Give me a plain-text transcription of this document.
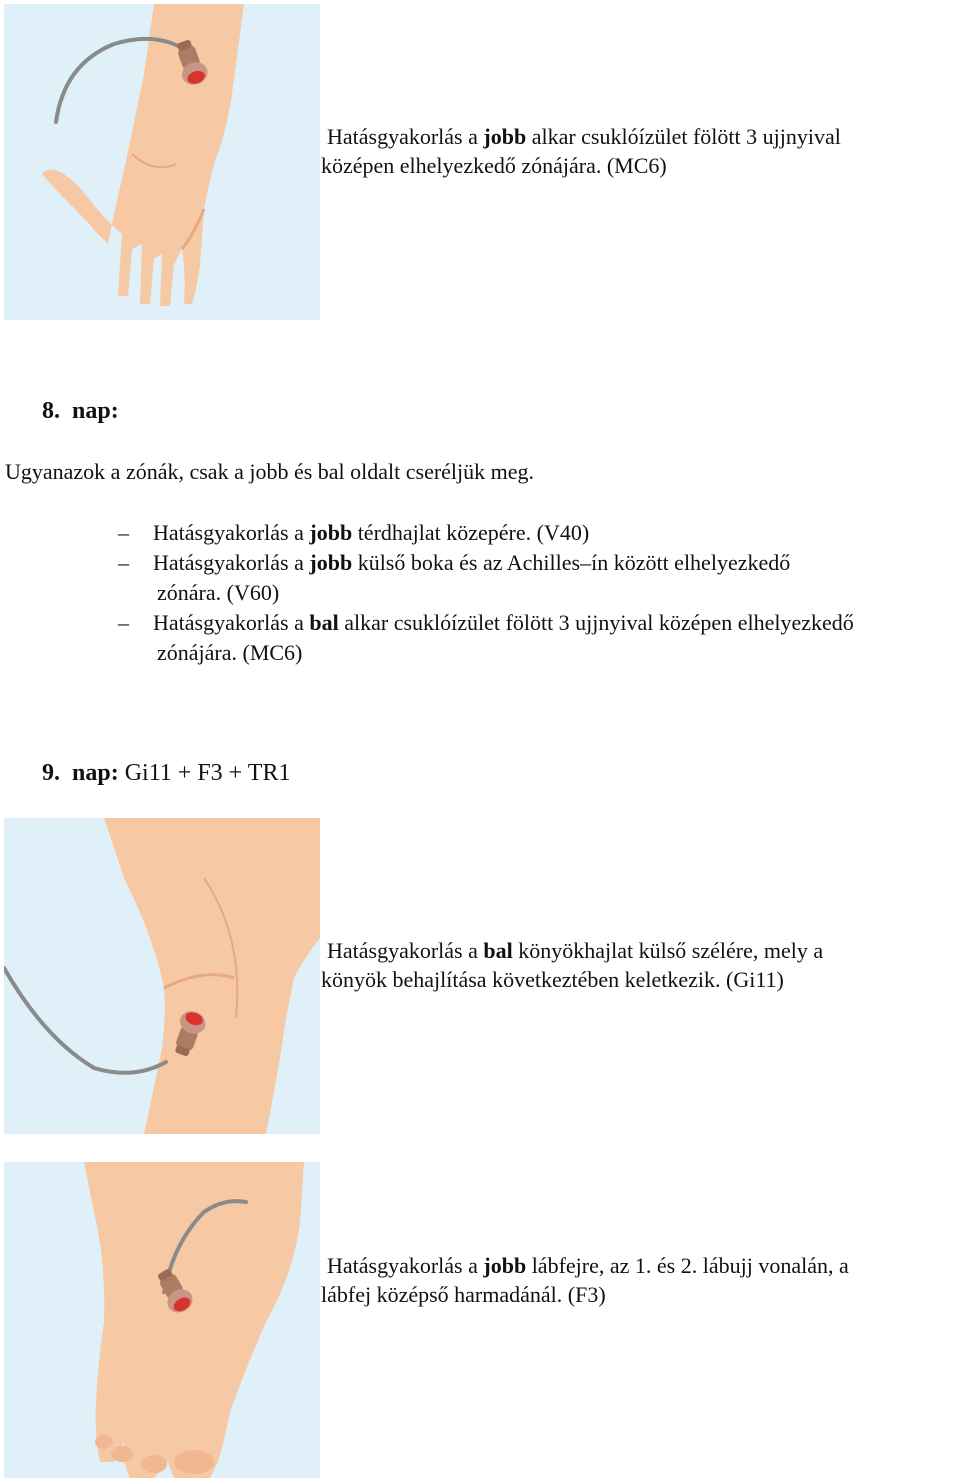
Hatásgyakorlás a jobb alkar csuklóízület fölött 3 ujjnyival
középen elhelyezkedő zónájára. (MC6)
8. nap:
Ugyanazok a zónák, csak a jobb és bal oldalt cseréljük meg.
–	Hatásgyakorlás a jobb térdhajlat közepére. (V40)
–	Hatásgyakorlás a jobb külső boka és az Achilles–ín között elhelyezkedő
zónára. (V60)
–	Hatásgyakorlás a bal alkar csuklóízület fölött 3 ujjnyival középen elhelyezkedő
zónájára. (MC6)
9. nap: Gi11 + F3 + TR1
Hatásgyakorlás a bal könyökhajlat külső szélére, mely a
könyök behajlítása következtében keletkezik. (Gi11)
Hatásgyakorlás a jobb lábfejre, az 1. és 2. lábujj vonalán, a
lábfej középső harmadánál. (F3)
